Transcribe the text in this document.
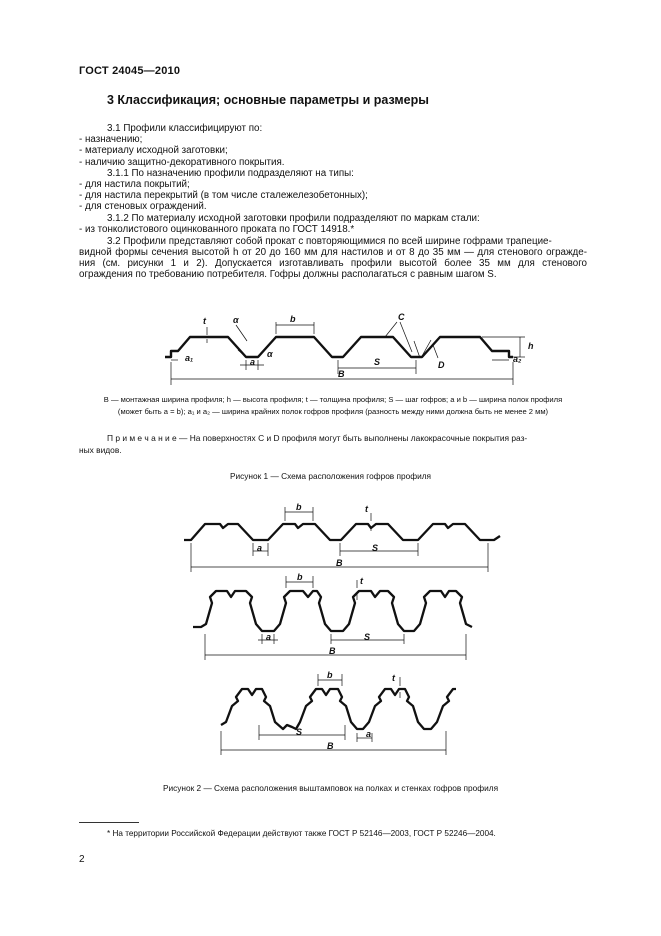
ГОСТ 24045—2010
3 Классификация; основные параметры и размеры
3.1 Профили классифицируют по:
- назначению;
- материалу исходной заготовки;
- наличию защитно-декоративного покрытия.
3.1.1 По назначению профили подразделяют на типы:
- для настила покрытий;
- для настила перекрытий (в том числе сталежелезобетонных);
- для стеновых ограждений.
3.1.2 По материалу исходной заготовки профили подразделяют по маркам стали:
- из тонколистового оцинкованного проката по ГОСТ 14918.*
3.2 Профили представляют собой прокат с повторяющимися по всей ширине гофрами трапецие-
видной формы сечения высотой h от 20 до 160 мм для настилов и от 8 до 35 мм — для стенового огражде-
ния (см. рисунки 1 и 2). Допускается изготавливать профили высотой более 35 мм для стенового
ограждения по требованию потребителя. Гофры должны располагаться с равным шагом S.
t
a₁
b
α
a
α
S
B
C
D
h
a₂
b	t
a	S
B
b	t
a	S
B
b	t
S	a
B
B — монтажная ширина профиля; h — высота профиля; t — толщина профиля; S — шаг гофров; a и b — ширина полок профиля
(может быть a = b); a₁ и a₂ — ширина крайних полок гофров профиля (разность между ними должна быть не менее 2 мм)
П р и м е ч а н и е — На поверхностях C и D профиля могут быть выполнены лакокрасочные покрытия раз-
ных видов.
Рисунок 1 — Схема расположения гофров профиля
Рисунок 2 — Схема расположения выштамповок на полках и стенках гофров профиля
* На территории Российской Федерации действуют также ГОСТ Р 52146—2003, ГОСТ Р 52246—2004.
2
